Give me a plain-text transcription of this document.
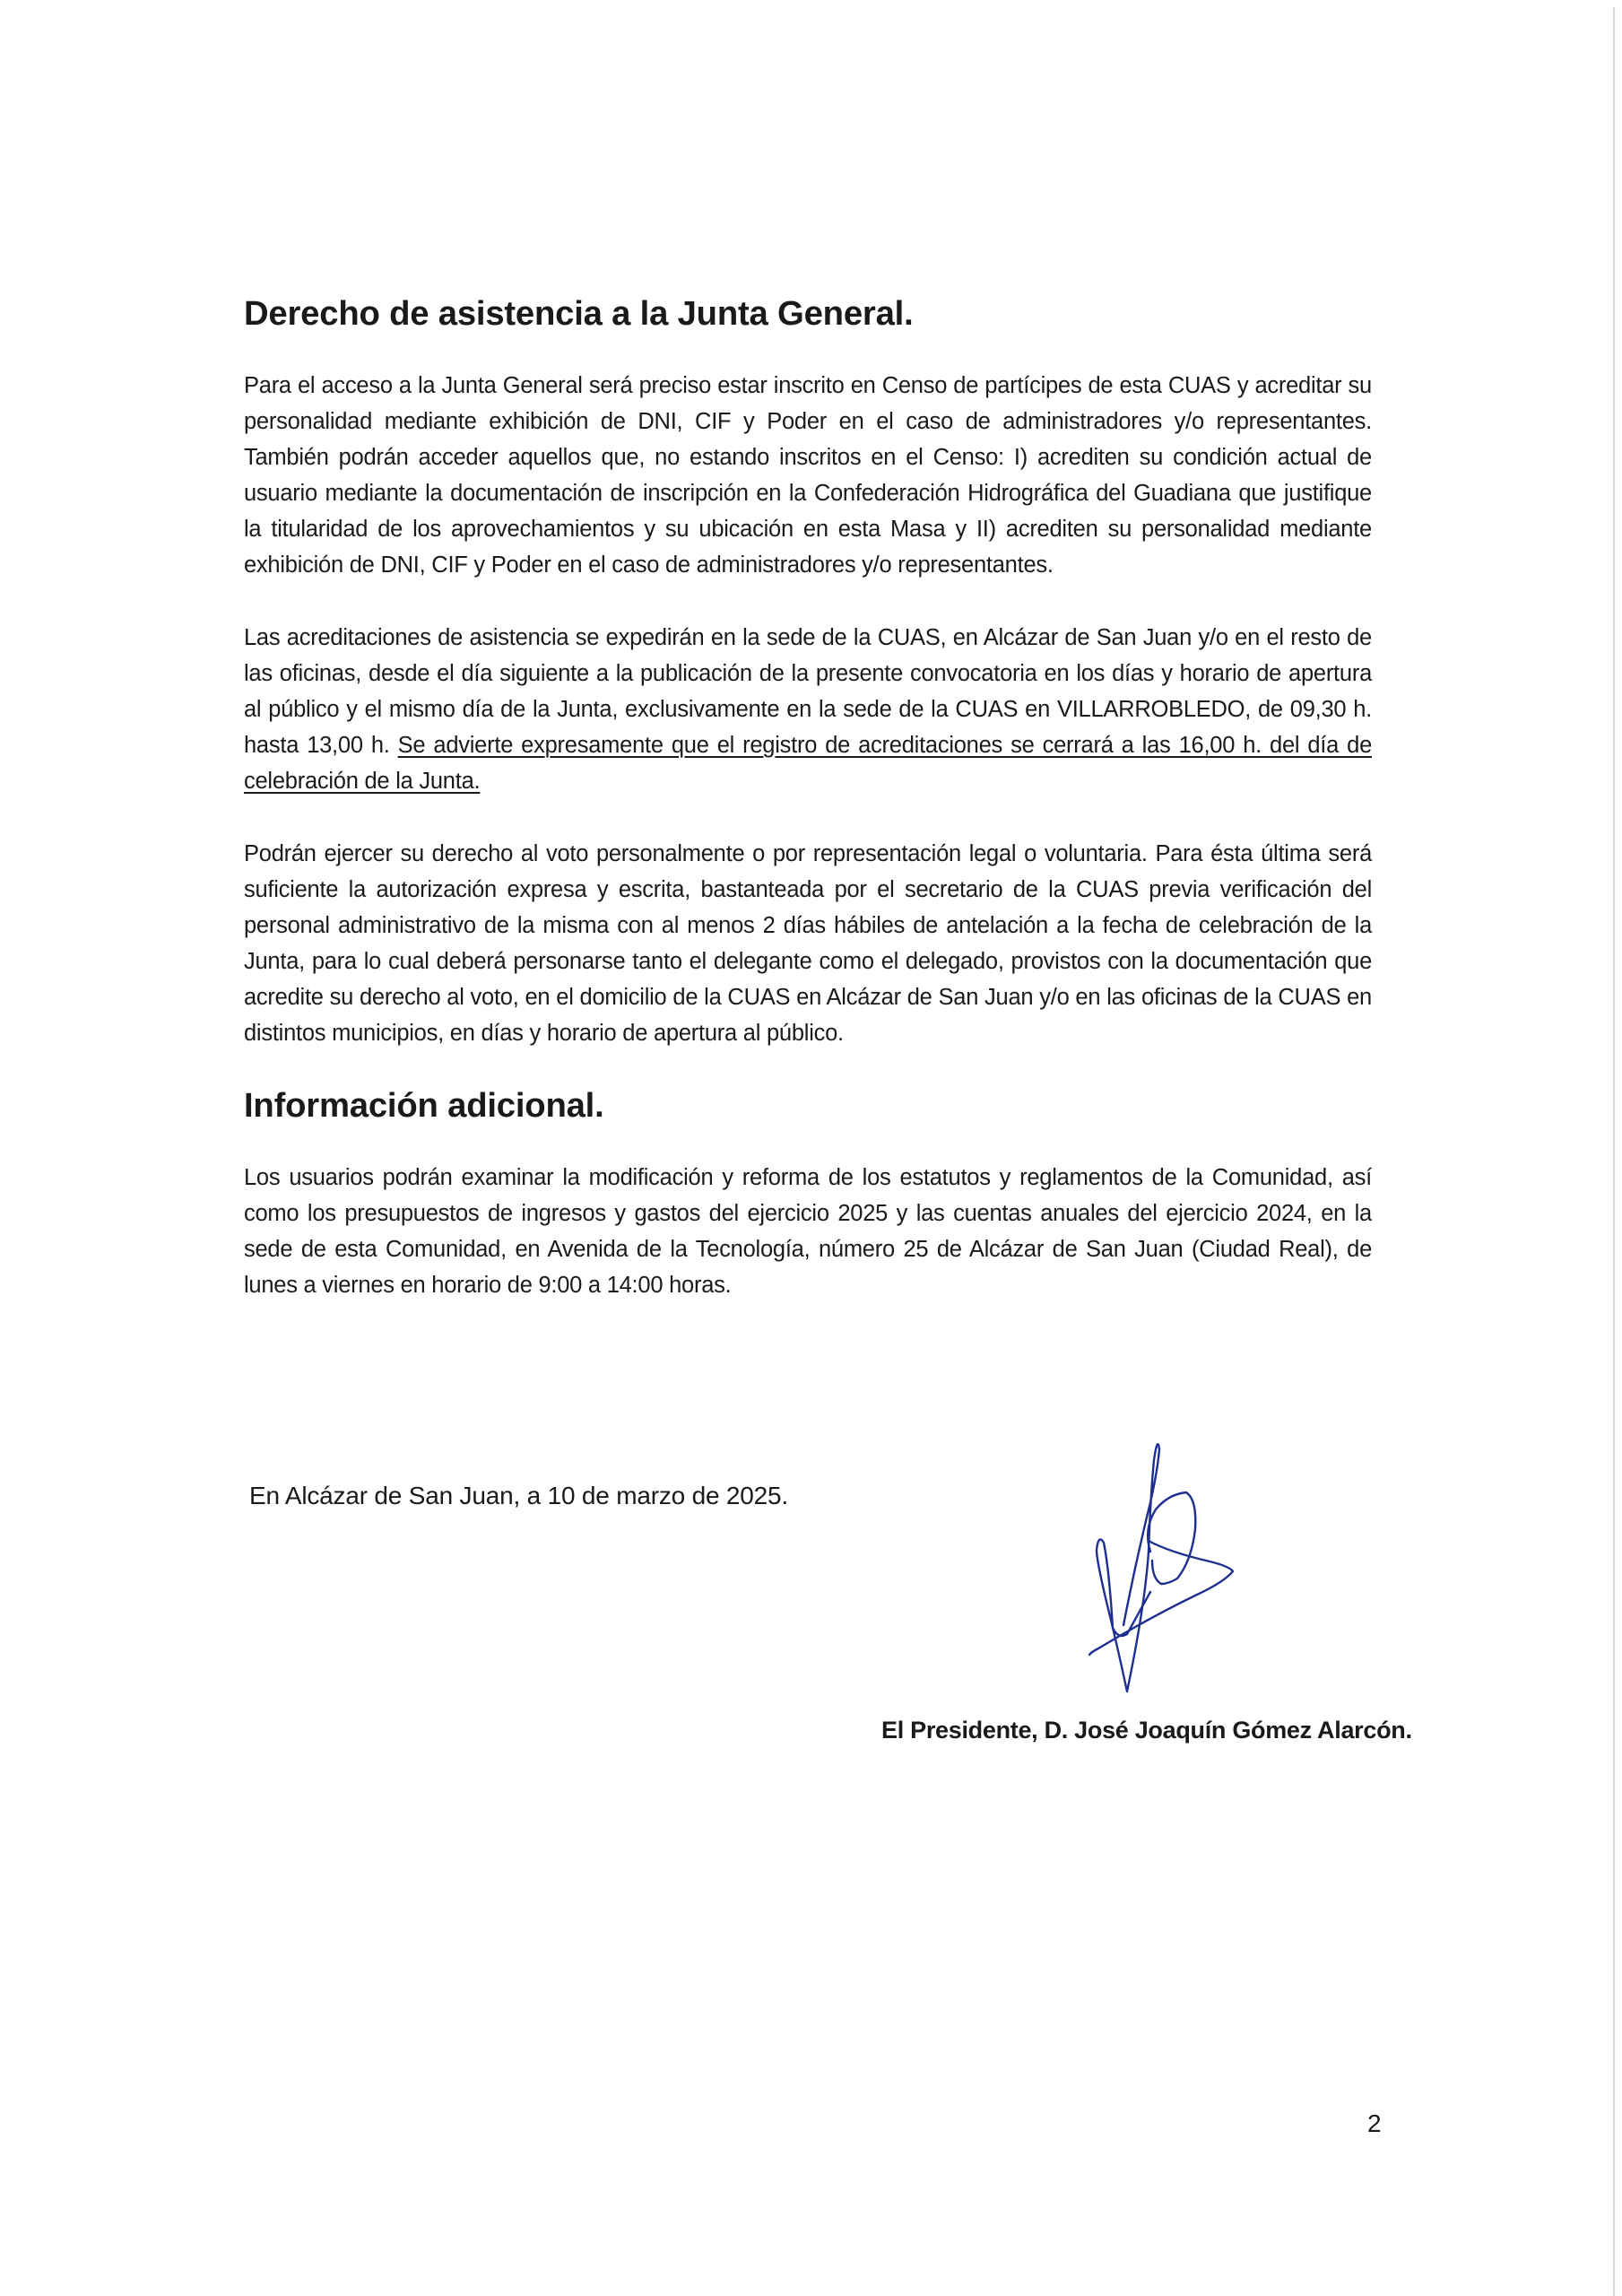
Derecho de asistencia a la Junta General.

Para el acceso a la Junta General será preciso estar inscrito en Censo de partícipes de esta CUAS y acreditar su personalidad mediante exhibición de DNI, CIF y Poder en el caso de administradores y/o representantes. También podrán acceder aquellos que, no estando inscritos en el Censo: I) acrediten su condición actual de usuario mediante la documentación de inscripción en la Confederación Hidrográfica del Guadiana que justifique la titularidad de los aprovechamientos y su ubicación en esta Masa y II) acrediten su personalidad mediante exhibición de DNI, CIF y Poder en el caso de administradores y/o representantes.

Las acreditaciones de asistencia se expedirán en la sede de la CUAS, en Alcázar de San Juan y/o en el resto de las oficinas, desde el día siguiente a la publicación de la presente convocatoria en los días y horario de apertura al público y el mismo día de la Junta, exclusivamente en la sede de la CUAS en VILLARROBLEDO, de 09,30 h. hasta 13,00 h. Se advierte expresamente que el registro de acreditaciones se cerrará a las 16,00 h. del día de celebración de la Junta.

Podrán ejercer su derecho al voto personalmente o por representación legal o voluntaria. Para ésta última será suficiente la autorización expresa y escrita, bastanteada por el secretario de la CUAS previa verificación del personal administrativo de la misma con al menos 2 días hábiles de antelación a la fecha de celebración de la Junta, para lo cual deberá personarse tanto el delegante como el delegado, provistos con la documentación que acredite su derecho al voto, en el domicilio de la CUAS en Alcázar de San Juan y/o en las oficinas de la CUAS en distintos municipios, en días y horario de apertura al público.

Información adicional.

Los usuarios podrán examinar la modificación y reforma de los estatutos y reglamentos de la Comunidad, así como los presupuestos de ingresos y gastos del ejercicio 2025 y las cuentas anuales del ejercicio 2024, en la sede de esta Comunidad, en Avenida de la Tecnología, número 25 de Alcázar de San Juan (Ciudad Real), de lunes a viernes en horario de 9:00 a 14:00 horas.

En Alcázar de San Juan, a 10 de marzo de 2025.
El Presidente, D. José Joaquín Gómez Alarcón.
2
